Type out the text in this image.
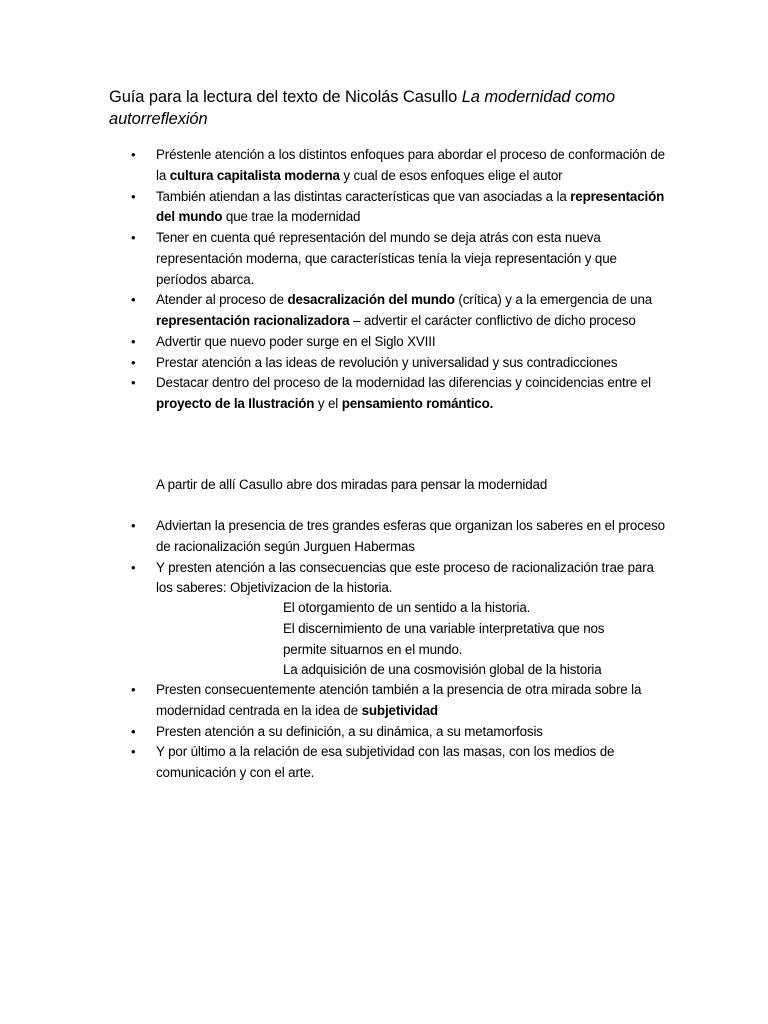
Guía para la lectura del texto de Nicolás Casullo La modernidad como autorreflexión
• Préstenle atención a los distintos enfoques para abordar el proceso de conformación de la cultura capitalista moderna y cual de esos enfoques elige el autor
• También atiendan a las distintas características que van asociadas a la representación del mundo que trae la modernidad
• Tener en cuenta qué representación del mundo se deja atrás con esta nueva representación moderna, que características tenía la vieja representación y que períodos abarca.
• Atender al proceso de desacralización del mundo (crítica) y a la emergencia de una representación racionalizadora – advertir el carácter conflictivo de dicho proceso
• Advertir que nuevo poder surge en el Siglo XVIII
• Prestar atención a las ideas de revolución y universalidad y sus contradicciones
• Destacar dentro del proceso de la modernidad las diferencias y coincidencias entre el proyecto de la Ilustración y el pensamiento romántico.
A partir de allí Casullo abre dos miradas para pensar la modernidad
• Adviertan la presencia de tres grandes esferas que organizan los saberes en el proceso de racionalización según Jurguen Habermas
• Y presten atención a las consecuencias que este proceso de racionalización trae para los saberes: Objetivizacion de la historia.
El otorgamiento de un sentido a la historia.
El discernimiento de una variable interpretativa que nos
permite situarnos en el mundo.
La adquisición de una cosmovisión global de la historia
• Presten consecuentemente atención también a la presencia de otra mirada sobre la modernidad centrada en la idea de subjetividad
• Presten atención a su definición, a su dinámica, a su metamorfosis
• Y por último a la relación de esa subjetividad con las masas, con los medios de comunicación y con el arte.
